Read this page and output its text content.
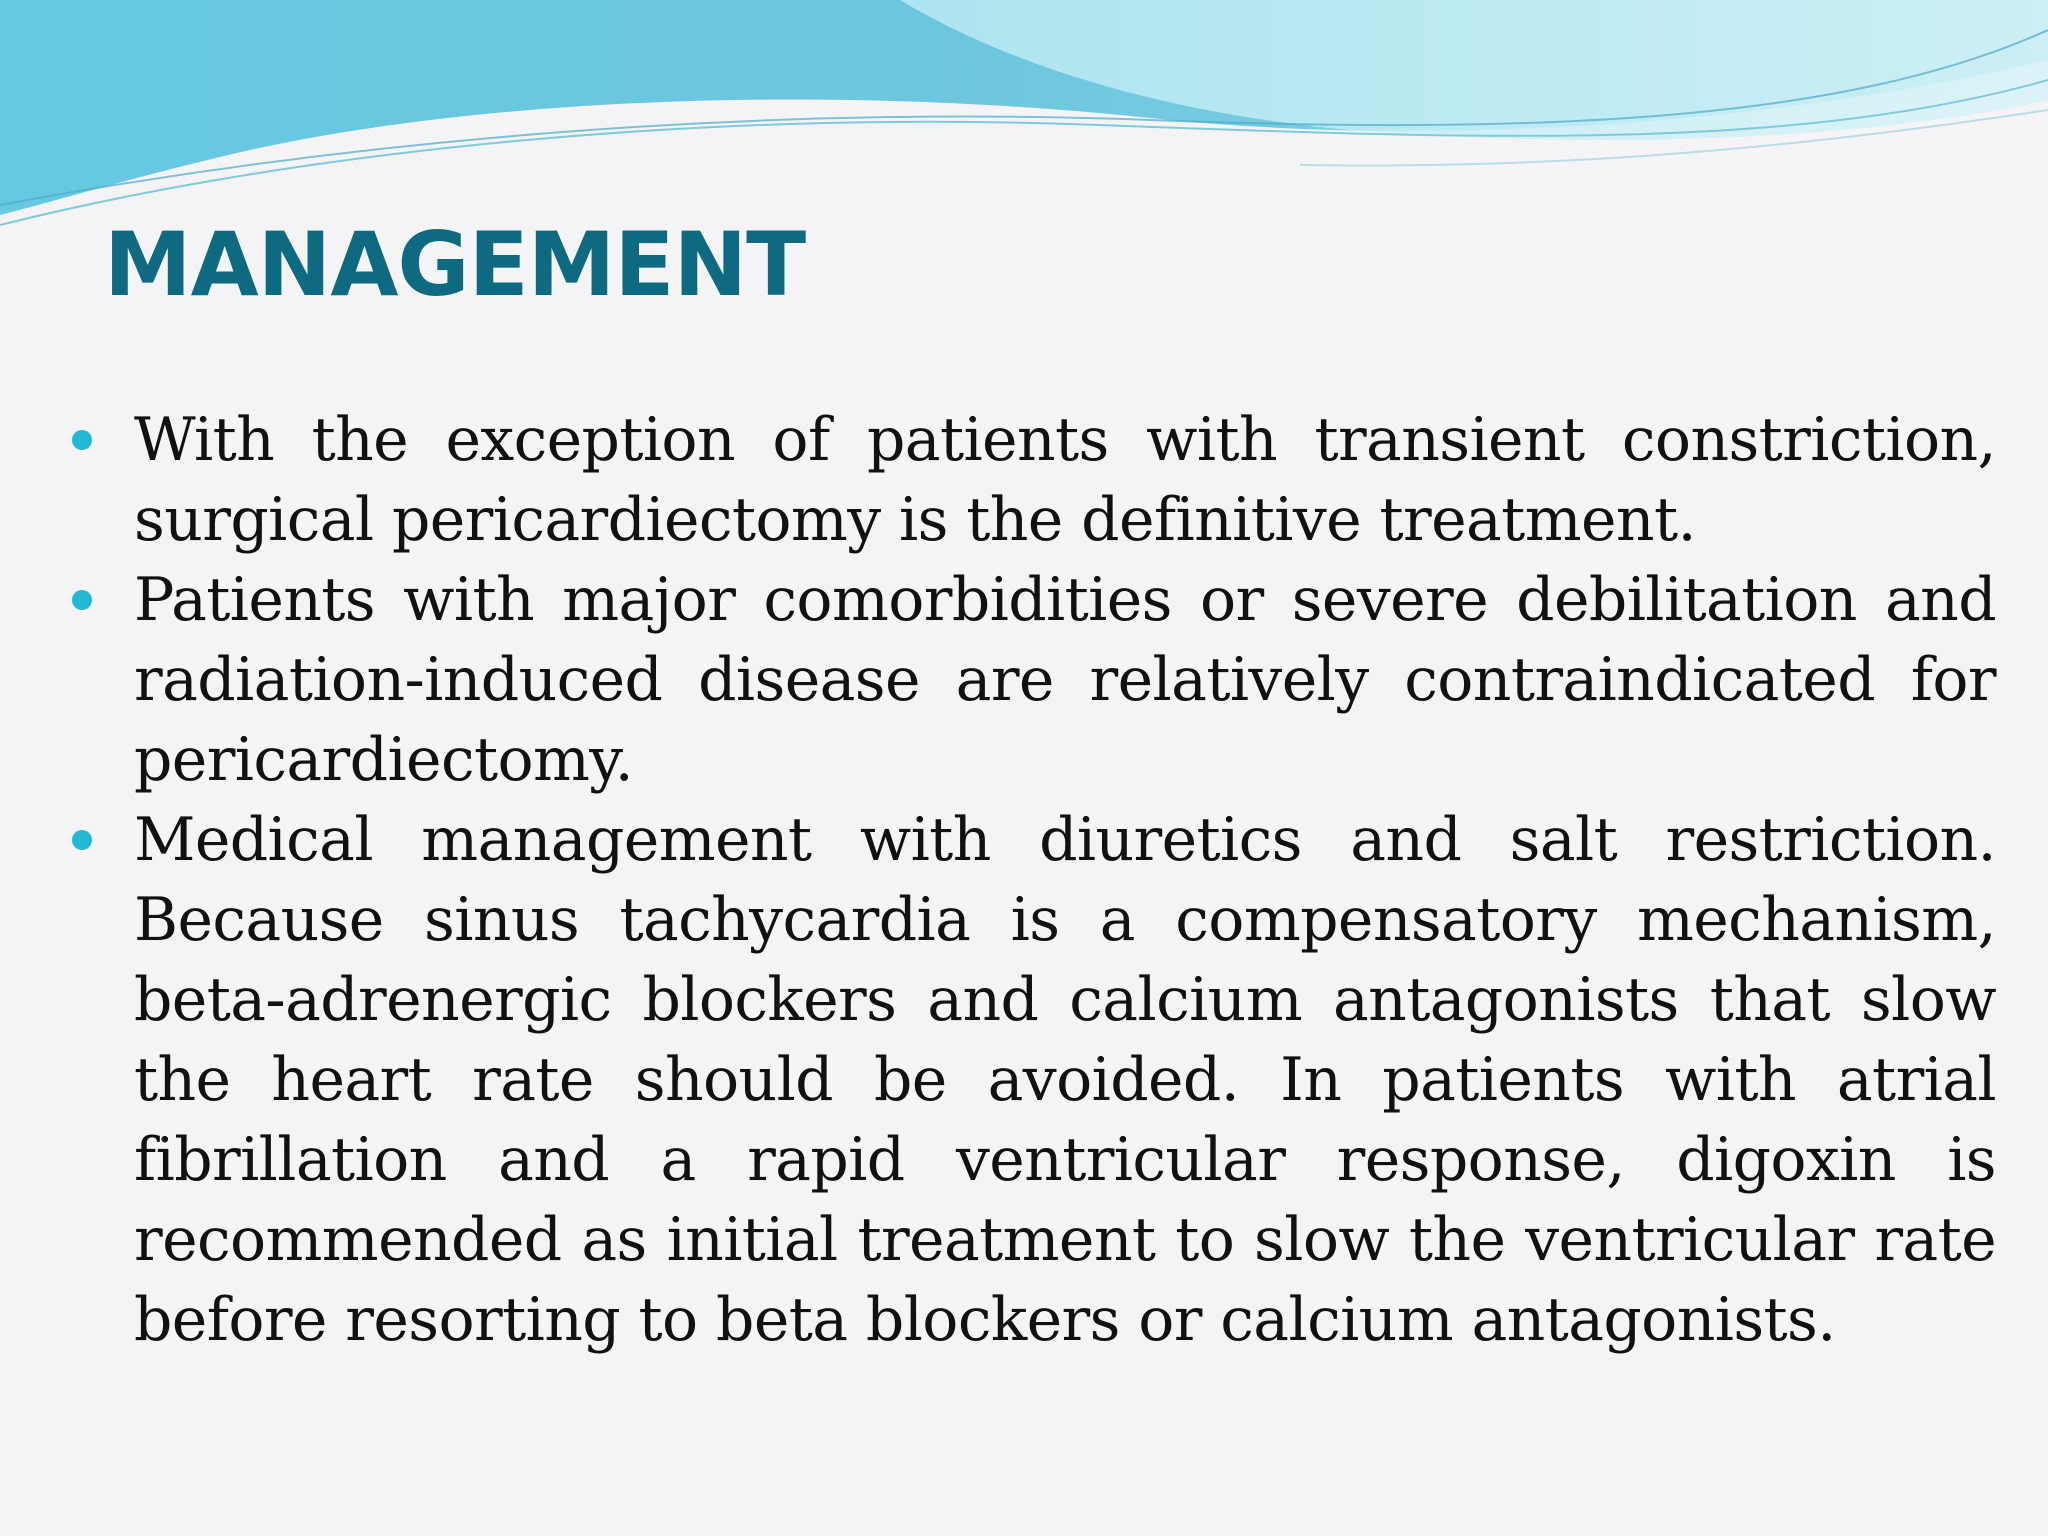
MANAGEMENT
With the exception of patients with transient constriction, surgical pericardiectomy is the definitive treatment.
Patients with major comorbidities or severe debilitation and radiation-induced disease are relatively contraindicated for pericardiectomy.
Medical management with diuretics and salt restriction. Because sinus tachycardia is a compensatory mechanism, beta-adrenergic blockers and calcium antagonists that slow the heart rate should be avoided. In patients with atrial fibrillation and a rapid ventricular response, digoxin is recommended as initial treatment to slow the ventricular rate before resorting to beta blockers or calcium antagonists.
